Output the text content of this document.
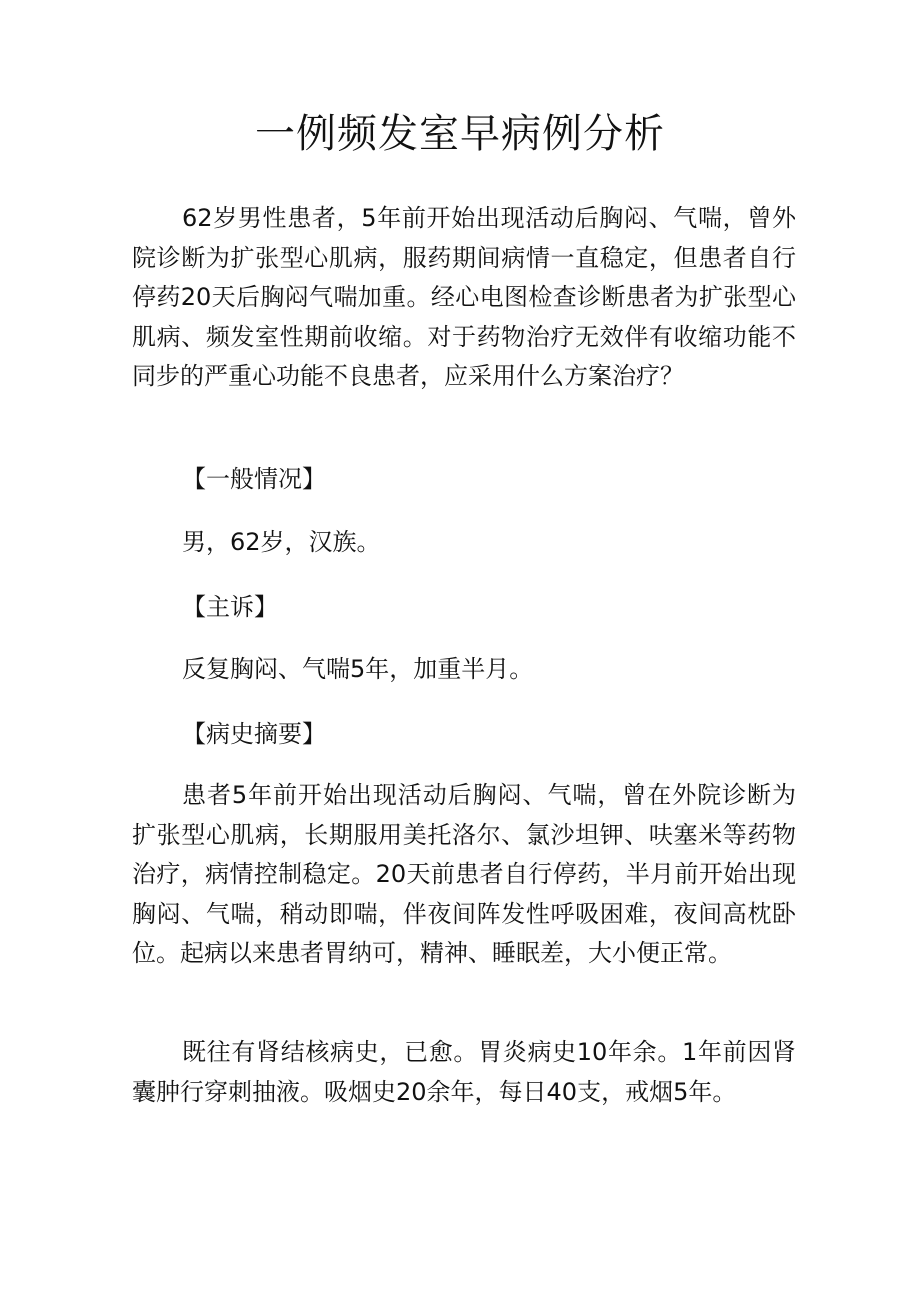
一例频发室早病例分析

62岁男性患者，5年前开始出现活动后胸闷、气喘，曾外院诊断为扩张型心肌病，服药期间病情一直稳定，但患者自行停药20天后胸闷气喘加重。经心电图检查诊断患者为扩张型心肌病、频发室性期前收缩。对于药物治疗无效伴有收缩功能不同步的严重心功能不良患者，应采用什么方案治疗？

【一般情况】
男，62岁，汉族。
【主诉】
反复胸闷、气喘5年，加重半月。
【病史摘要】

患者5年前开始出现活动后胸闷、气喘，曾在外院诊断为扩张型心肌病，长期服用美托洛尔、氯沙坦钾、呋塞米等药物治疗，病情控制稳定。20天前患者自行停药，半月前开始出现胸闷、气喘，稍动即喘，伴夜间阵发性呼吸困难，夜间高枕卧位。起病以来患者胃纳可，精神、睡眠差，大小便正常。

既往有肾结核病史，已愈。胃炎病史10年余。1年前因肾囊肿行穿刺抽液。吸烟史20余年，每日40支，戒烟5年。
